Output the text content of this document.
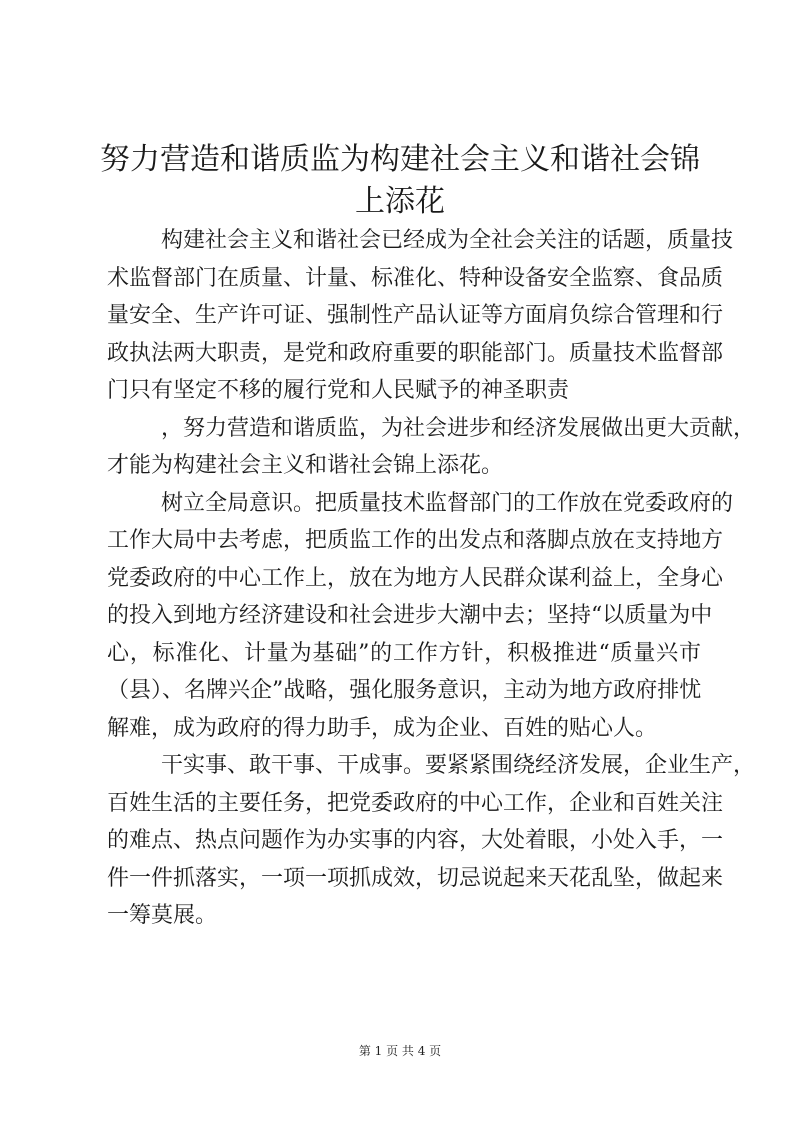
努力营造和谐质监为构建社会主义和谐社会锦
上添花
构建社会主义和谐社会已经成为全社会关注的话题，质量技
术监督部门在质量、计量、标准化、特种设备安全监察、食品质
量安全、生产许可证、强制性产品认证等方面肩负综合管理和行
政执法两大职责，是党和政府重要的职能部门。质量技术监督部
门只有坚定不移的履行党和人民赋予的神圣职责
，努力营造和谐质监，为社会进步和经济发展做出更大贡献，
才能为构建社会主义和谐社会锦上添花。
树立全局意识。把质量技术监督部门的工作放在党委政府的
工作大局中去考虑，把质监工作的出发点和落脚点放在支持地方
党委政府的中心工作上，放在为地方人民群众谋利益上，全身心
的投入到地方经济建设和社会进步大潮中去；坚持“以质量为中
心，标准化、计量为基础”的工作方针，积极推进“质量兴市
（县）、名牌兴企”战略，强化服务意识，主动为地方政府排忧
解难，成为政府的得力助手，成为企业、百姓的贴心人。
干实事、敢干事、干成事。要紧紧围绕经济发展，企业生产，
百姓生活的主要任务，把党委政府的中心工作，企业和百姓关注
的难点、热点问题作为办实事的内容，大处着眼，小处入手，一
件一件抓落实，一项一项抓成效，切忌说起来天花乱坠，做起来
一筹莫展。
第 1 页 共 4 页
